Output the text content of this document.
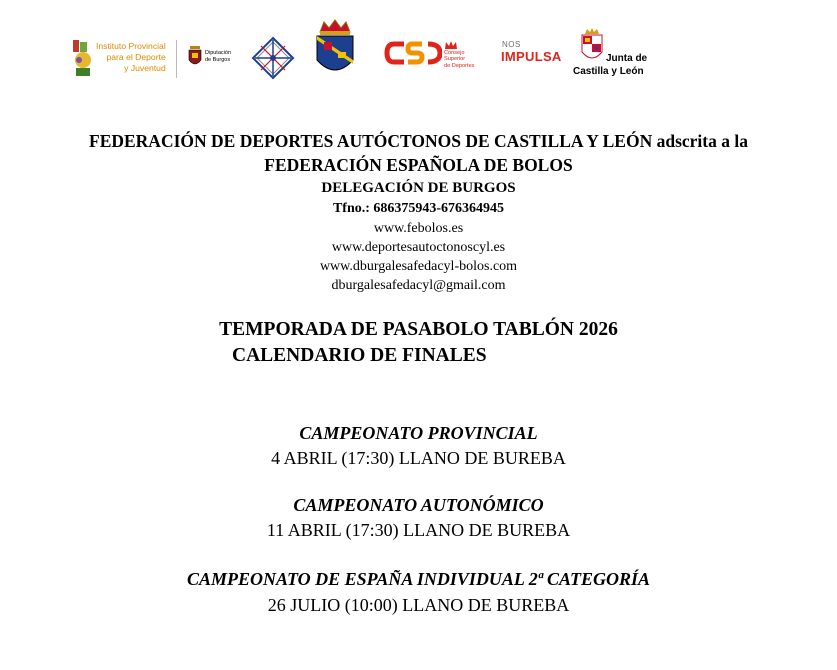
Instituto Provincial
para el Deporte
y Juventud
Diputación
de Burgos
Consejo
Superior
de Deportes
NOS
IMPULSA	Junta de
Castilla y León
FEDERACIÓN DE DEPORTES AUTÓCTONOS DE CASTILLA Y LEÓN adscrita a la
FEDERACIÓN ESPAÑOLA DE BOLOS
DELEGACIÓN DE BURGOS
Tfno.: 686375943-676364945
www.febolos.es
www.deportesautoctonoscyl.es
www.dburgalesafedacyl-bolos.com
dburgalesafedacyl@gmail.com
TEMPORADA DE PASABOLO TABLÓN 2026
CALENDARIO DE FINALES
CAMPEONATO PROVINCIAL
4 ABRIL (17:30) LLANO DE BUREBA
CAMPEONATO AUTONÓMICO
11 ABRIL (17:30) LLANO DE BUREBA
CAMPEONATO DE ESPAÑA INDIVIDUAL 2ª CATEGORÍA
26 JULIO (10:00) LLANO DE BUREBA
